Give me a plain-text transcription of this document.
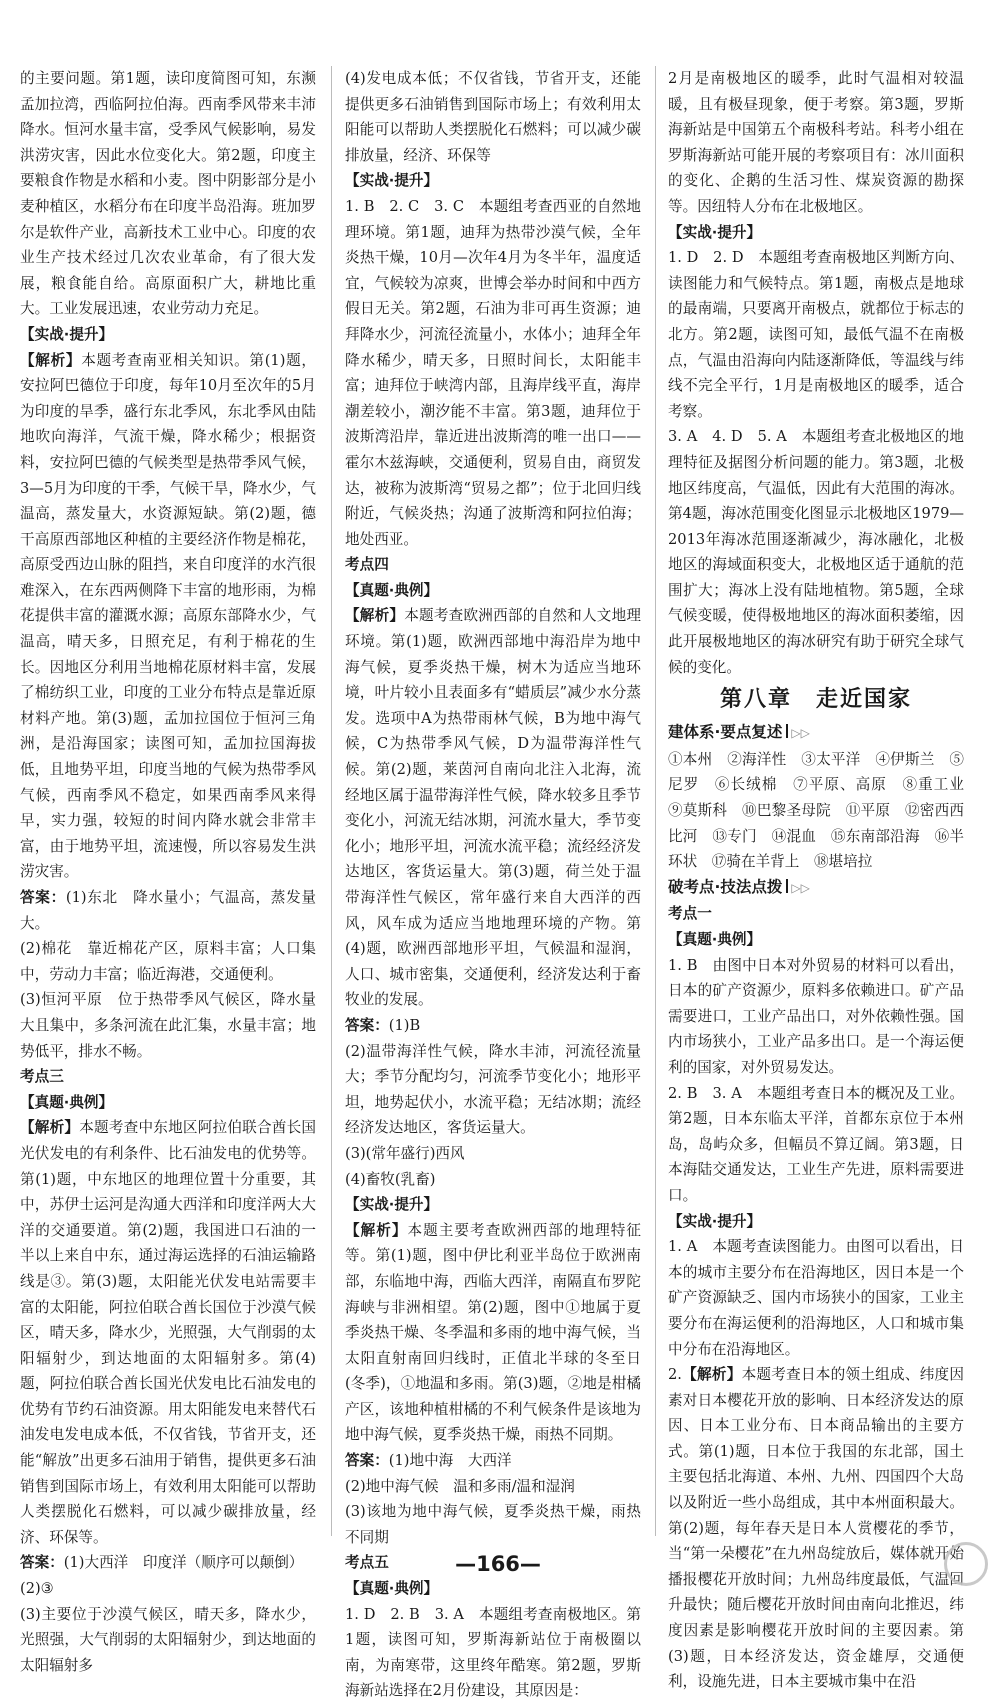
的主要问题。第1题，读印度简图可知，东濒孟加拉湾，西临阿拉伯海。西南季风带来丰沛降水。恒河水量丰富，受季风气候影响，易发洪涝灾害，因此水位变化大。第2题，印度主要粮食作物是水稻和小麦。图中阴影部分是小麦种植区，水稻分布在印度半岛沿海。班加罗尔是软件产业，高新技术工业中心。印度的农业生产技术经过几次农业革命，有了很大发展，粮食能自给。高原面积广大，耕地比重大。工业发展迅速，农业劳动力充足。

【实战·提升】

【解析】本题考查南亚相关知识。第(1)题，安拉阿巴德位于印度，每年10月至次年的5月为印度的旱季，盛行东北季风，东北季风由陆地吹向海洋，气流干燥，降水稀少；根据资料，安拉阿巴德的气候类型是热带季风气候，3—5月为印度的干季，气候干旱，降水少，气温高，蒸发量大，水资源短缺。第(2)题，德干高原西部地区种植的主要经济作物是棉花，高原受西边山脉的阻挡，来自印度洋的水汽很难深入，在东西两侧降下丰富的地形雨，为棉花提供丰富的灌溉水源；高原东部降水少，气温高，晴天多，日照充足，有利于棉花的生长。因地区分利用当地棉花原材料丰富，发展了棉纺织工业，印度的工业分布特点是靠近原材料产地。第(3)题，孟加拉国位于恒河三角洲，是沿海国家；读图可知，孟加拉国海拔低，且地势平坦，印度当地的气候为热带季风气候，西南季风不稳定，如果西南季风来得早，实力强，较短的时间内降水就会非常丰富，由于地势平坦，流速慢，所以容易发生洪涝灾害。

答案：(1)东北　降水量小；气温高，蒸发量大。

(2)棉花　靠近棉花产区，原料丰富；人口集中，劳动力丰富；临近海港，交通便利。

(3)恒河平原　位于热带季风气候区，降水量大且集中，多条河流在此汇集，水量丰富；地势低平，排水不畅。

考点三

【真题·典例】

【解析】本题考查中东地区阿拉伯联合酋长国光伏发电的有利条件、比石油发电的优势等。第(1)题，中东地区的地理位置十分重要，其中，苏伊士运河是沟通大西洋和印度洋两大大洋的交通要道。第(2)题，我国进口石油的一半以上来自中东，通过海运选择的石油运输路线是③。第(3)题，太阳能光伏发电站需要丰富的太阳能，阿拉伯联合酋长国位于沙漠气候区，晴天多，降水少，光照强，大气削弱的太阳辐射少，到达地面的太阳辐射多。第(4)题，阿拉伯联合酋长国光伏发电比石油发电的优势有节约石油资源。用太阳能发电来替代石油发电发电成本低，不仅省钱，节省开支，还能“解放”出更多石油用于销售，提供更多石油销售到国际市场上，有效利用太阳能可以帮助人类摆脱化石燃料，可以减少碳排放量，经济、环保等。

答案：(1)大西洋　印度洋（顺序可以颠倒）

(2)③

(3)主要位于沙漠气候区，晴天多，降水少，光照强，大气削弱的太阳辐射少，到达地面的太阳辐射多

(4)发电成本低；不仅省钱，节省开支，还能提供更多石油销售到国际市场上；有效利用太阳能可以帮助人类摆脱化石燃料；可以减少碳排放量，经济、环保等

【实战·提升】

1. B　2. C　3. C　本题组考查西亚的自然地理环境。第1题，迪拜为热带沙漠气候，全年炎热干燥，10月—次年4月为冬半年，温度适宜，气候较为凉爽，世博会举办时间和中西方假日无关。第2题，石油为非可再生资源；迪拜降水少，河流径流量小，水体小；迪拜全年降水稀少，晴天多，日照时间长，太阳能丰富；迪拜位于峡湾内部，且海岸线平直，海岸潮差较小，潮汐能不丰富。第3题，迪拜位于波斯湾沿岸，靠近进出波斯湾的唯一出口——霍尔木兹海峡，交通便利，贸易自由，商贸发达，被称为波斯湾“贸易之都”；位于北回归线附近，气候炎热；沟通了波斯湾和阿拉伯海；地处西亚。

考点四

【真题·典例】

【解析】本题考查欧洲西部的自然和人文地理环境。第(1)题，欧洲西部地中海沿岸为地中海气候，夏季炎热干燥，树木为适应当地环境，叶片较小且表面多有“蜡质层”减少水分蒸发。选项中A为热带雨林气候，B为地中海气候，C为热带季风气候，D为温带海洋性气候。第(2)题，莱茵河自南向北注入北海，流经地区属于温带海洋性气候，降水较多且季节变化小，河流无结冰期，河流水量大，季节变化小；地形平坦，河流水流平稳；流经经济发达地区，客货运量大。第(3)题，荷兰处于温带海洋性气候区，常年盛行来自大西洋的西风，风车成为适应当地地理环境的产物。第(4)题，欧洲西部地形平坦，气候温和湿润，人口、城市密集，交通便利，经济发达利于畜牧业的发展。

答案：(1)B

(2)温带海洋性气候，降水丰沛，河流径流量大；季节分配均匀，河流季节变化小；地形平坦，地势起伏小，水流平稳；无结冰期；流经经济发达地区，客货运量大。

(3)(常年盛行)西风

(4)畜牧(乳畜)

【实战·提升】

【解析】本题主要考查欧洲西部的地理特征等。第(1)题，图中伊比利亚半岛位于欧洲南部，东临地中海，西临大西洋，南隔直布罗陀海峡与非洲相望。第(2)题，图中①地属于夏季炎热干燥、冬季温和多雨的地中海气候，当太阳直射南回归线时，正值北半球的冬至日(冬季)，①地温和多雨。第(3)题，②地是柑橘产区，该地种植柑橘的不利气候条件是该地为地中海气候，夏季炎热干燥，雨热不同期。

答案：(1)地中海　大西洋

(2)地中海气候　温和多雨/温和湿润

(3)该地为地中海气候，夏季炎热干燥，雨热不同期

考点五

【真题·典例】

1. D　2. B　3. A　本题组考查南极地区。第1题，读图可知，罗斯海新站位于南极圈以南，为南寒带，这里终年酷寒。第2题，罗斯海新站选择在2月份建设，其原因是：

2月是南极地区的暖季，此时气温相对较温暖，且有极昼现象，便于考察。第3题，罗斯海新站是中国第五个南极科考站。科考小组在罗斯海新站可能开展的考察项目有：冰川面积的变化、企鹅的生活习性、煤炭资源的勘探等。因纽特人分布在北极地区。

【实战·提升】

1. D　2. D　本题组考查南极地区判断方向、读图能力和气候特点。第1题，南极点是地球的最南端，只要离开南极点，就都位于标志的北方。第2题，读图可知，最低气温不在南极点，气温由沿海向内陆逐渐降低，等温线与纬线不完全平行，1月是南极地区的暖季，适合考察。

3. A　4. D　5. A　本题组考查北极地区的地理特征及据图分析问题的能力。第3题，北极地区纬度高，气温低，因此有大范围的海冰。第4题，海冰范围变化图显示北极地区1979—2013年海冰范围逐渐减少，海冰融化，北极地区的海域面积变大，北极地区适于通航的范围扩大；海冰上没有陆地植物。第5题，全球气候变暖，使得极地地区的海冰面积萎缩，因此开展极地地区的海冰研究有助于研究全球气候的变化。

第八章　走近国家

建体系·要点复述 ▷▷

①本州　②海洋性　③太平洋　④伊斯兰　⑤尼罗　⑥长绒棉　⑦平原、高原　⑧重工业　⑨莫斯科　⑩巴黎圣母院　⑪平原　⑫密西西比河　⑬专门　⑭混血　⑮东南部沿海　⑯半环状　⑰骑在羊背上　⑱堪培拉

破考点·技法点拨 ▷▷

考点一

【真题·典例】

1. B　由图中日本对外贸易的材料可以看出，日本的矿产资源少，原料多依赖进口。矿产品需要进口，工业产品出口，对外依赖性强。国内市场狭小，工业产品多出口。是一个海运便利的国家，对外贸易发达。

2. B　3. A　本题组考查日本的概况及工业。第2题，日本东临太平洋，首都东京位于本州岛，岛屿众多，但幅员不算辽阔。第3题，日本海陆交通发达，工业生产先进，原料需要进口。

【实战·提升】

1. A　本题考查读图能力。由图可以看出，日本的城市主要分布在沿海地区，因日本是一个矿产资源缺乏、国内市场狭小的国家，工业主要分布在海运便利的沿海地区，人口和城市集中分布在沿海地区。

2.【解析】本题考查日本的领土组成、纬度因素对日本樱花开放的影响、日本经济发达的原因、日本工业分布、日本商品输出的主要方式。第(1)题，日本位于我国的东北部，国土主要包括北海道、本州、九州、四国四个大岛以及附近一些小岛组成，其中本州面积最大。第(2)题，每年春天是日本人赏樱花的季节，当“第一朵樱花”在九州岛绽放后，媒体就开始播报樱花开放时间；九州岛纬度最低，气温回升最快；随后樱花开放时间由南向北推迟，纬度因素是影响樱花开放时间的主要因素。第(3)题，日本经济发达，资金雄厚，交通便利，设施先进，日本主要城市集中在沿

—166—
